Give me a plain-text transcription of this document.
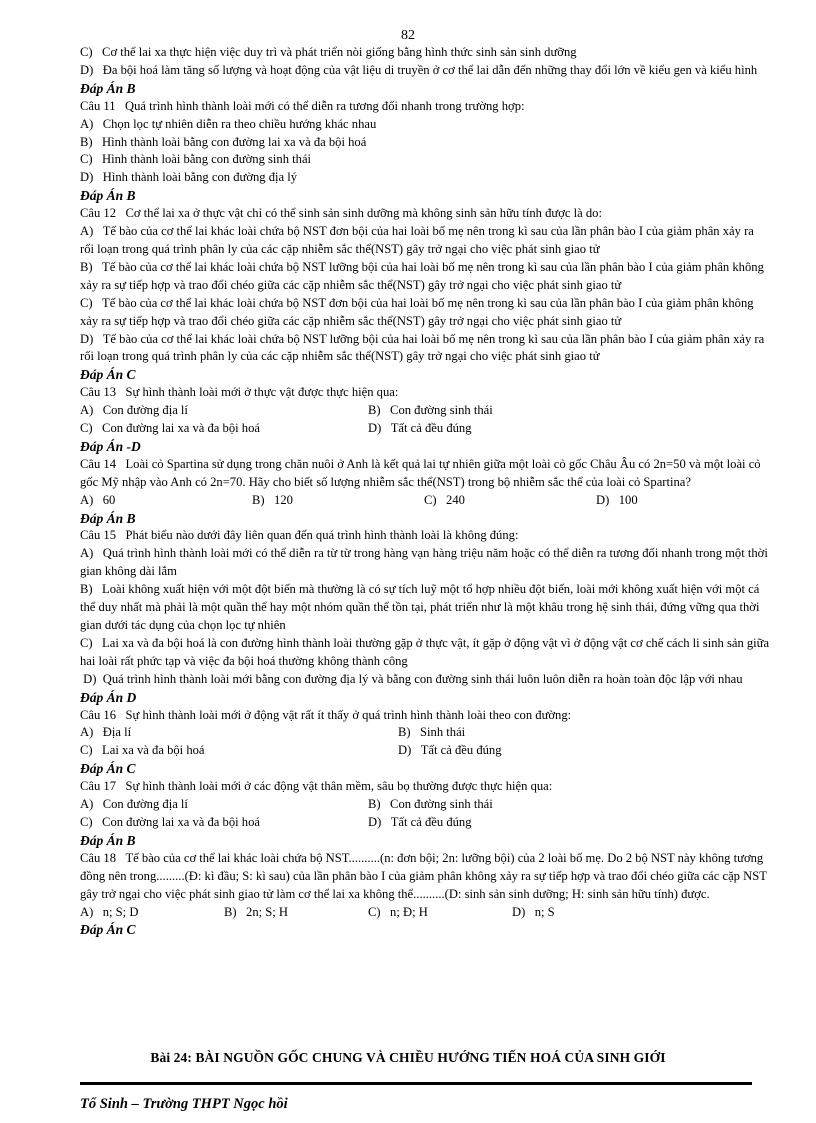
82
C)   Cơ thể lai xa thực hiện việc duy trì và phát triển nòi giống bằng hình thức sinh sản sinh dưỡng
D)   Đa bội hoá làm tăng số lượng và hoạt động của vật liệu di truyền ở cơ thể lai dẫn đến những thay đổi lớn về kiểu gen và kiểu hình
Đáp Án B
Câu 11   Quá trình hình thành loài mới có thể diễn ra tương đối nhanh trong trường hợp:
A)   Chọn lọc tự nhiên diễn ra theo chiều hướng khác nhau
B)   Hình thành loài bằng con đường lai xa và đa bội hoá
C)   Hình thành loài bằng con đường sinh thái
D)   Hình thành loài bằng con đường địa lý
Đáp Án B
Câu 12   Cơ thể lai xa ở thực vật chỉ có thể sinh sản sinh dưỡng mà không sinh sản hữu tính được là do:
A)   Tế bào của cơ thể lai khác loài chứa bộ NST đơn bội của hai loài bố mẹ nên trong kì sau của lần phân bào I của giảm phân xảy ra rối loạn trong quá trình phân ly của các cặp nhiễm sắc thể(NST) gây trở ngại cho việc phát sinh giao tử
B)   Tế bào của cơ thể lai khác loài chứa bộ NST lưỡng bội của hai loài bố mẹ nên trong kì sau của lần phân bào I của giảm phân không xảy ra sự tiếp hợp và trao đổi chéo giữa các cặp nhiễm sắc thể(NST) gây trở ngại cho việc phát sinh giao tử
C)   Tế bào của cơ thể lai khác loài chứa bộ NST đơn bội của hai loài bố mẹ nên trong kì sau của lần phân bào I của giảm phân không xảy ra sự tiếp hợp và trao đổi chéo giữa các cặp nhiễm sắc thể(NST) gây trở ngại cho việc phát sinh giao tử
D)   Tế bào của cơ thể lai khác loài chứa bộ NST lưỡng bội của hai loài bố mẹ nên trong kì sau của lần phân bào I của giảm phân xảy ra rối loạn trong quá trình phân ly của các cặp nhiễm sắc thể(NST) gây trở ngại cho việc phát sinh giao tử
Đáp Án C
Câu 13   Sự hình thành loài mới ở thực vật được thực hiện qua:
A)   Con đường địa lí	B)   Con đường sinh thái
C)   Con đường lai xa và đa bội hoá	D)   Tất cả đều đúng
Đáp Án -D
Câu 14   Loài cỏ Spartina sử dụng trong chăn nuôi ở Anh là kết quả lai tự nhiên giữa một loài cỏ gốc Châu Âu có 2n=50 và một loài cỏ gốc Mỹ nhập vào Anh có 2n=70. Hãy cho biết số lượng nhiễm sắc thể(NST) trong bộ nhiễm sắc thể của loài cỏ Spartina?
A)   60	B)   120	C)   240	D)   100
Đáp Án B
Câu 15   Phát biểu nào dưới đây liên quan đến quá trình hình thành loài là không đúng:
A)   Quá trình hình thành loài mới có thể diễn ra từ từ trong hàng vạn hàng triệu năm hoặc có thể diễn ra tương đối nhanh trong một thời gian không dài lắm
B)   Loài không xuất hiện với một đột biến mà thường là có sự tích luỹ một tổ hợp nhiều đột biến, loài mới không xuất hiện với một cá thể duy nhất mà phải là một quần thể hay một nhóm quần thể tồn tại, phát triển như là một khâu trong hệ sinh thái, đứng vững qua thời gian dưới tác dụng của chọn lọc tự nhiên
C)   Lai xa và đa bội hoá là con đường hình thành loài thường gặp ở thực vật, ít gặp ở động vật vì ở động vật cơ chế cách li sinh sản giữa hai loài rất phức tạp và việc đa bội hoá thường không thành công
D)  Quá trình hình thành loài mới bằng con đường địa lý và bằng con đường sinh thái luôn luôn diễn ra hoàn toàn độc lập với nhau
Đáp Án D
Câu 16   Sự hình thành loài mới ở động vật rất ít thấy ở quá trình hình thành loài theo con đường:
A)   Địa lí	B)   Sinh thái
C)   Lai xa và đa bội hoá	D)   Tất cả đều đúng
Đáp Án C
Câu 17   Sự hình thành loài mới ở các động vật thân mềm, sâu bọ thường được thực hiện qua:
A)   Con đường địa lí	B)   Con đường sinh thái
C)   Con đường lai xa và đa bội hoá	D)   Tất cả đều đúng
Đáp Án B
Câu 18   Tế bào của cơ thể lai khác loài chứa bộ NST..........(n: đơn bội; 2n: lưỡng bội) của 2 loài bố mẹ. Do 2 bộ NST này không tương đồng nên trong.........(Đ: kì đầu; S: kì sau) của lần phân bào I của giảm phân không xảy ra sự tiếp hợp và trao đổi chéo giữa các cặp NST gây trở ngại cho việc phát sinh giao tử làm cơ thể lai xa không thể..........(D: sinh sản sinh dưỡng; H: sinh sản hữu tính) được.
A)   n; S; D	B)   2n; S; H	C)   n; Đ; H	D)   n; S
Đáp Án C
Bài 24: BÀI NGUỒN GỐC CHUNG VÀ CHIỀU HƯỚNG TIẾN HOÁ CỦA SINH GIỚI
Tổ Sinh – Trường THPT Ngọc hồi
